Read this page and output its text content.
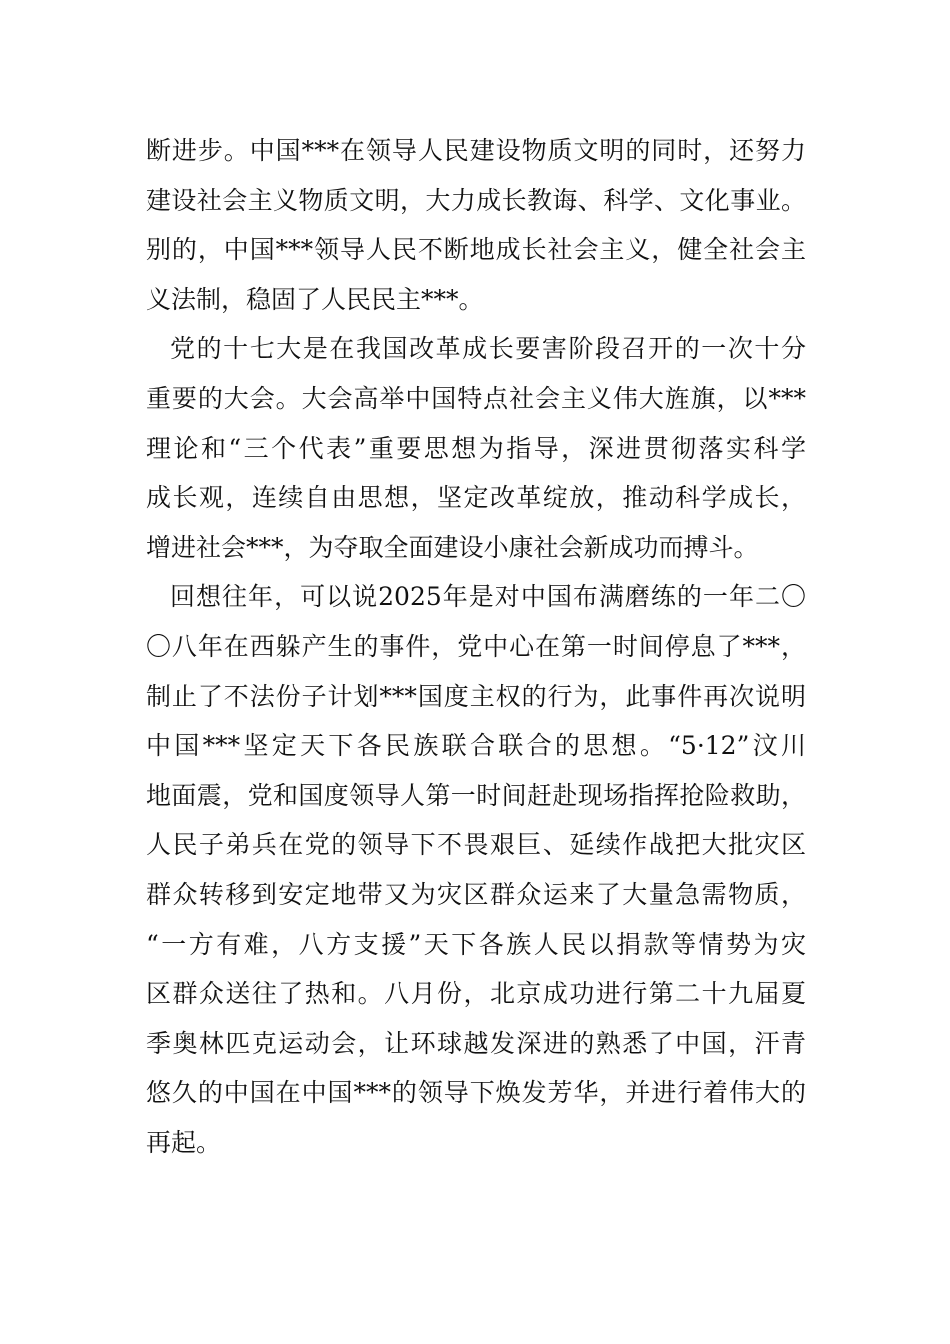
断进步。中国***在领导人民建设物质文明的同时，还努力
建设社会主义物质文明，大力成长教诲、科学、文化事业。
别的，中国***领导人民不断地成长社会主义，健全社会主
义法制，稳固了人民民主***。
党的十七大是在我国改革成长要害阶段召开的一次十分
重要的大会。大会高举中国特点社会主义伟大旌旗，以***
理论和“三个代表”重要思想为指导，深进贯彻落实科学
成长观，连续自由思想，坚定改革绽放，推动科学成长，
增进社会***，为夺取全面建设小康社会新成功而搏斗。
回想往年，可以说2025年是对中国布满磨练的一年二〇
〇八年在西躲产生的事件，党中心在第一时间停息了***，
制止了不法份子计划***国度主权的行为，此事件再次说明
中国***坚定天下各民族联合联合的思想。“5·12”汶川
地面震，党和国度领导人第一时间赶赴现场指挥抢险救助，
人民子弟兵在党的领导下不畏艰巨、延续作战把大批灾区
群众转移到安定地带又为灾区群众运来了大量急需物质，
“一方有难，八方支援”天下各族人民以捐款等情势为灾
区群众送往了热和。八月份，北京成功进行第二十九届夏
季奥林匹克运动会，让环球越发深进的熟悉了中国，汗青
悠久的中国在中国***的领导下焕发芳华，并进行着伟大的
再起。
